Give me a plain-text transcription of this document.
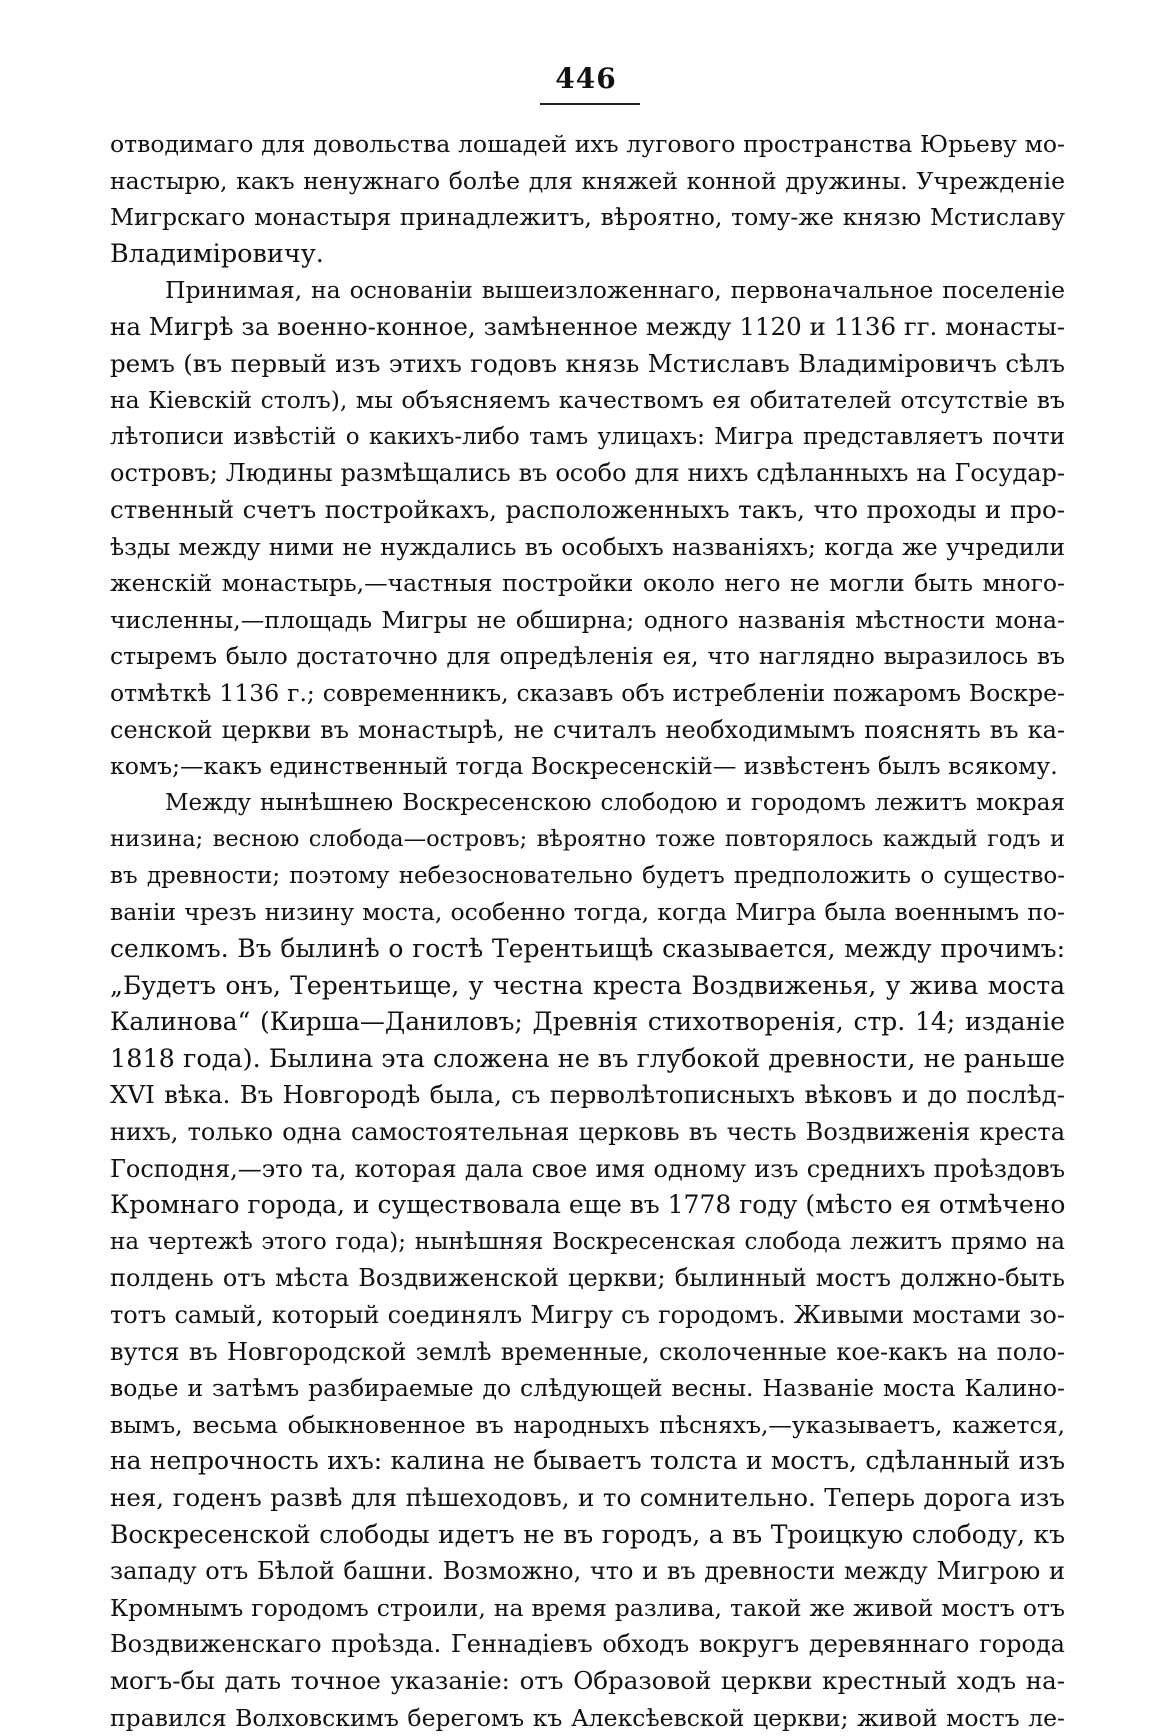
446
отводимаго для довольства лошадей ихъ лугового пространства Юрьеву мо-
настырю, какъ ненужнаго болѣе для княжей конной дружины. Учрежденіе
Мигрскаго монастыря принадлежитъ, вѣроятно, тому-же князю Мстиславу
Владиміровичу.
Принимая, на основаніи вышеизложеннаго, первоначальное поселеніе
на Мигрѣ за военно-конное, замѣненное между 1120 и 1136 гг. монасты-
ремъ (въ первый изъ этихъ годовъ князь Мстиславъ Владиміровичъ сѣлъ
на Кіевскій столъ), мы объясняемъ качествомъ ея обитателей отсутствіе въ
лѣтописи извѣстій о какихъ-либо тамъ улицахъ: Мигра представляетъ почти
островъ; Людины размѣщались въ особо для нихъ сдѣланныхъ на Государ-
ственный счетъ постройкахъ, расположенныхъ такъ, что проходы и про-
ѣзды между ними не нуждались въ особыхъ названіяхъ; когда же учредили
женскій монастырь,—частныя постройки около него не могли быть много-
численны,—площадь Мигры не обширна; одного названія мѣстности мона-
стыремъ было достаточно для опредѣленія ея, что наглядно выразилось въ
отмѣткѣ 1136 г.; современникъ, сказавъ объ истребленіи пожаромъ Воскре-
сенской церкви въ монастырѣ, не считалъ необходимымъ пояснять въ ка-
комъ;—какъ единственный тогда Воскресенскій— извѣстенъ былъ всякому.
Между нынѣшнею Воскресенскою слободою и городомъ лежитъ мокрая
низина; весною слобода—островъ; вѣроятно тоже повторялось каждый годъ и
въ древности; поэтому небезосновательно будетъ предположить о существо-
ваніи чрезъ низину моста, особенно тогда, когда Мигра была военнымъ по-
селкомъ. Въ былинѣ о гостѣ Терентьищѣ сказывается, между прочимъ:
„Будетъ онъ, Терентьище, у честна креста Воздвиженья, у жива моста
Калинова“ (Кирша—Даниловъ; Древнія стихотворенія, стр. 14; изданіе
1818 года). Былина эта сложена не въ глубокой древности, не раньше
XVI вѣка. Въ Новгородѣ была, съ перволѣтописныхъ вѣковъ и до послѣд-
нихъ, только одна самостоятельная церковь въ честь Воздвиженія креста
Господня,—это та, которая дала свое имя одному изъ среднихъ проѣздовъ
Кромнаго города, и существовала еще въ 1778 году (мѣсто ея отмѣчено
на чертежѣ этого года); нынѣшняя Воскресенская слобода лежитъ прямо на
полдень отъ мѣста Воздвиженской церкви; былинный мостъ должно-быть
тотъ самый, который соединялъ Мигру съ городомъ. Живыми мостами зо-
вутся въ Новгородской землѣ временные, сколоченные кое-какъ на поло-
водье и затѣмъ разбираемые до слѣдующей весны. Названіе моста Калино-
вымъ, весьма обыкновенное въ народныхъ пѣсняхъ,—указываетъ, кажется,
на непрочность ихъ: калина не бываетъ толста и мостъ, сдѣланный изъ
нея, годенъ развѣ для пѣшеходовъ, и то сомнительно. Теперь дорога изъ
Воскресенской слободы идетъ не въ городъ, а въ Троицкую слободу, къ
западу отъ Бѣлой башни. Возможно, что и въ древности между Мигрою и
Кромнымъ городомъ строили, на время разлива, такой же живой мостъ отъ
Воздвиженскаго проѣзда. Геннадіевъ обходъ вокругъ деревяннаго города
могъ-бы дать точное указаніе: отъ Образовой церкви крестный ходъ на-
правился Волховскимъ берегомъ къ Алексѣевской церкви; живой мостъ ле-
